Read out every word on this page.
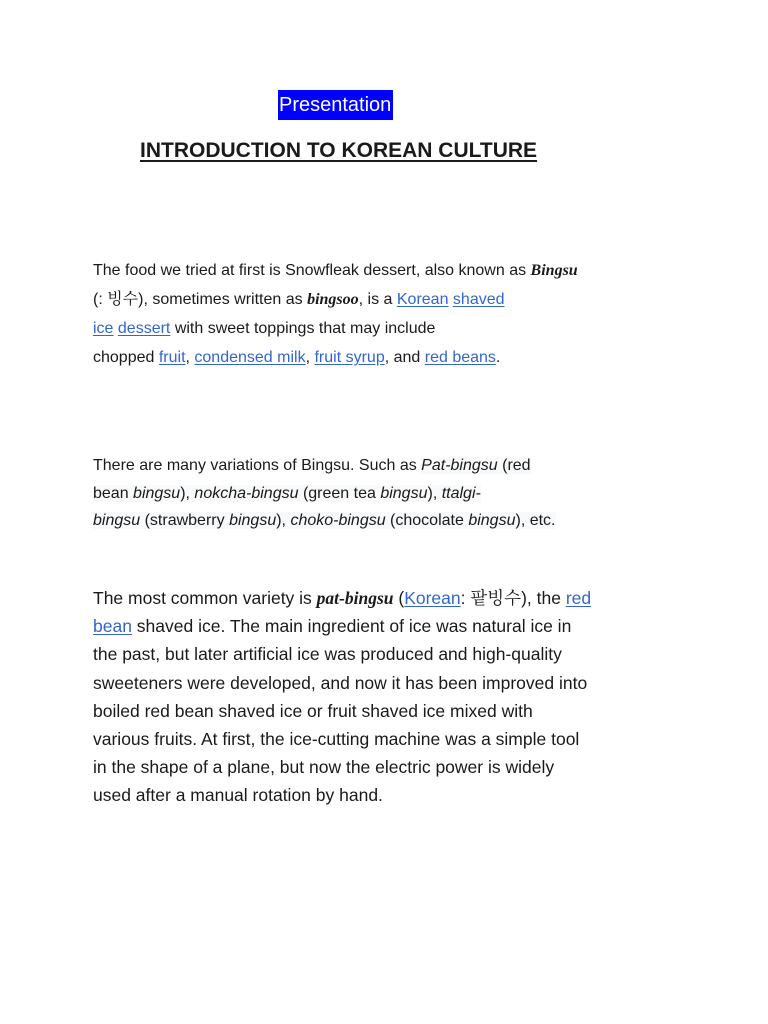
Presentation
INTRODUCTION TO KOREAN CULTURE
The food we tried at first is Snowfleak dessert, also known as Bingsu
(: 빙수), sometimes written as bingsoo, is a Korean shaved
ice dessert with sweet toppings that may include
chopped fruit, condensed milk, fruit syrup, and red beans.
There are many variations of Bingsu. Such as Pat-bingsu (red
bean bingsu), nokcha-bingsu (green tea bingsu), ttalgi-
bingsu (strawberry bingsu), choko-bingsu (chocolate bingsu), etc.
The most common variety is pat-bingsu (Korean: 팥빙수), the red
bean shaved ice. The main ingredient of ice was natural ice in
the past, but later artificial ice was produced and high-quality
sweeteners were developed, and now it has been improved into
boiled red bean shaved ice or fruit shaved ice mixed with
various fruits. At first, the ice-cutting machine was a simple tool
in the shape of a plane, but now the electric power is widely
used after a manual rotation by hand.
